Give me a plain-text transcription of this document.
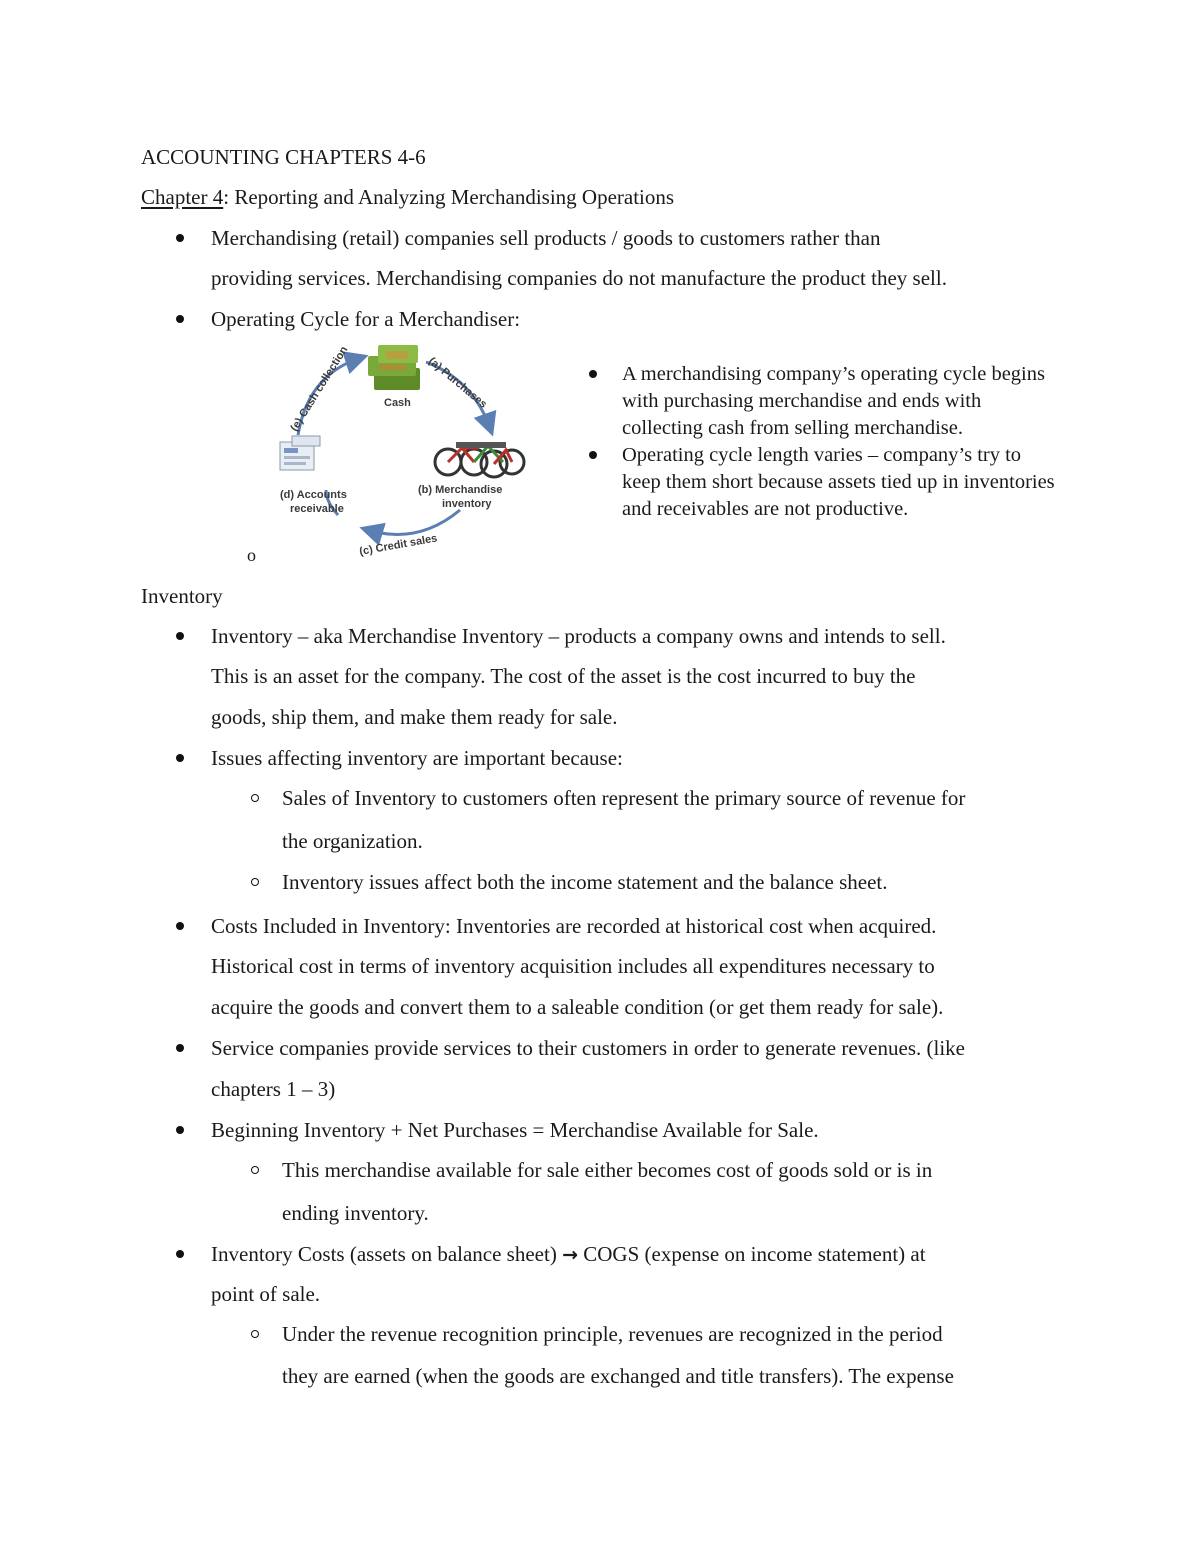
ACCOUNTING CHAPTERS 4-6
Chapter 4: Reporting and Analyzing Merchandising Operations
Merchandising (retail) companies sell products / goods to customers rather than
providing services. Merchandising companies do not manufacture the product they sell.
Operating Cycle for a Merchandiser:
o
Cash (a) Purchases
(e) Cash collection
(b) Merchandise
inventory
(d) Accounts
receivable
(c) Credit sales
A merchandising company’s operating cycle begins
with purchasing merchandise and ends with
collecting cash from selling merchandise.
Operating cycle length varies – company’s try to
keep them short because assets tied up in inventories
and receivables are not productive.
Inventory
Inventory – aka Merchandise Inventory – products a company owns and intends to sell.
This is an asset for the company. The cost of the asset is the cost incurred to buy the
goods, ship them, and make them ready for sale.
Issues affecting inventory are important because:
Sales of Inventory to customers often represent the primary source of revenue for
the organization.
Inventory issues affect both the income statement and the balance sheet.
Costs Included in Inventory: Inventories are recorded at historical cost when acquired.
Historical cost in terms of inventory acquisition includes all expenditures necessary to
acquire the goods and convert them to a saleable condition (or get them ready for sale).
Service companies provide services to their customers in order to generate revenues. (like
chapters 1 – 3)
Beginning Inventory + Net Purchases = Merchandise Available for Sale.
This merchandise available for sale either becomes cost of goods sold or is in
ending inventory.
Inventory Costs (assets on balance sheet) → COGS (expense on income statement) at
point of sale.
Under the revenue recognition principle, revenues are recognized in the period
they are earned (when the goods are exchanged and title transfers). The expense
